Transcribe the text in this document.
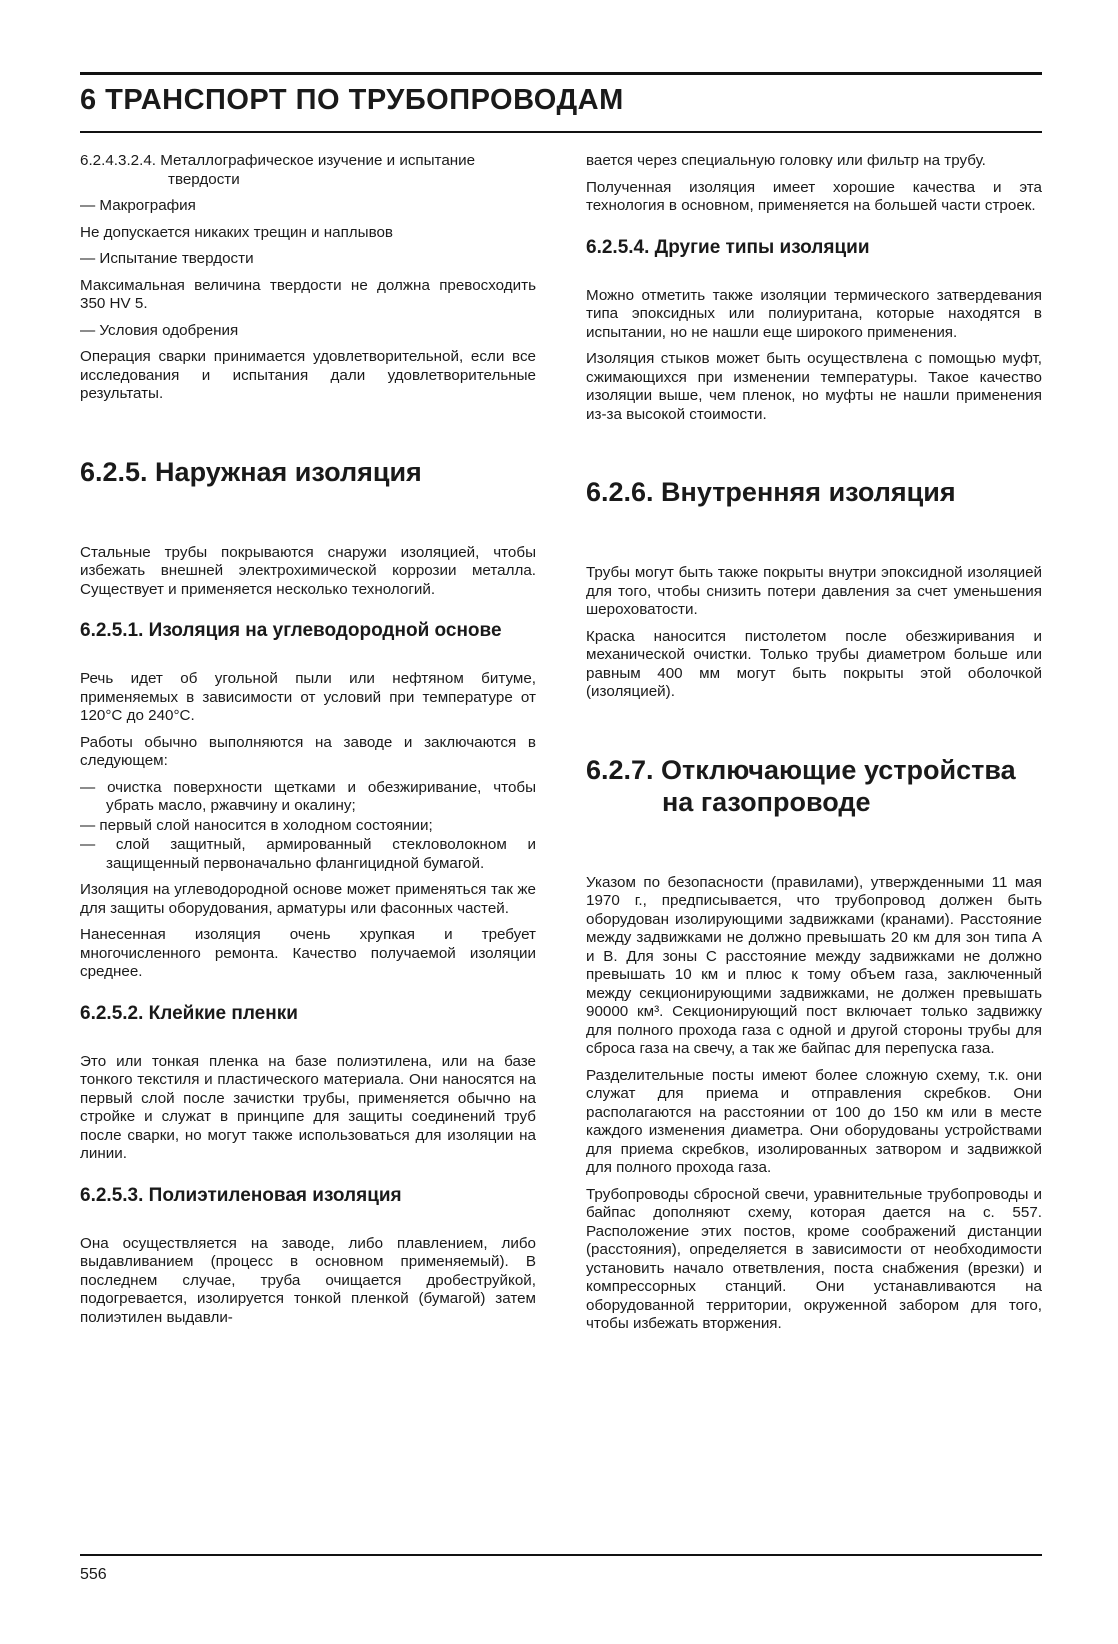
6 ТРАНСПОРТ ПО ТРУБОПРОВОДАМ

6.2.4.3.2.4. Металлографическое изучение и испытание твердости

— Макрография

Не допускается никаких трещин и наплывов

— Испытание твердости

Максимальная величина твердости не должна превосходить 350 HV 5.

— Условия одобрения

Операция сварки принимается удовлетворительной, если все исследования и испытания дали удовлетворительные результаты.

6.2.5. Наружная изоляция

Стальные трубы покрываются снаружи изоляцией, чтобы избежать внешней электрохимической коррозии металла. Существует и применяется несколько технологий.

6.2.5.1. Изоляция на углеводородной основе

Речь идет об угольной пыли или нефтяном битуме, применяемых в зависимости от условий при температуре от 120°С до 240°С.

Работы обычно выполняются на заводе и заключаются в следующем:

— очистка поверхности щетками и обезжиривание, чтобы убрать масло, ржавчину и окалину;
— первый слой наносится в холодном состоянии;
— слой защитный, армированный стекловолокном и защищенный первоначально флангицидной бумагой.

Изоляция на углеводородной основе может применяться так же для защиты оборудования, арматуры или фасонных частей.

Нанесенная изоляция очень хрупкая и требует многочисленного ремонта. Качество получаемой изоляции среднее.

6.2.5.2. Клейкие пленки

Это или тонкая пленка на базе полиэтилена, или на базе тонкого текстиля и пластического материала. Они наносятся на первый слой после зачистки трубы, применяется обычно на стройке и служат в принципе для защиты соединений труб после сварки, но могут также использоваться для изоляции на линии.

6.2.5.3. Полиэтиленовая изоляция

Она осуществляется на заводе, либо плавлением, либо выдавливанием (процесс в основном применяемый). В последнем случае, труба очищается дробеструйкой, подогревается, изолируется тонкой пленкой (бумагой) затем полиэтилен выдавли-

вается через специальную головку или фильтр на трубу.

Полученная изоляция имеет хорошие качества и эта технология в основном, применяется на большей части строек.

6.2.5.4. Другие типы изоляции

Можно отметить также изоляции термического затвердевания типа эпоксидных или полиуритана, которые находятся в испытании, но не нашли еще широкого применения.

Изоляция стыков может быть осуществлена с помощью муфт, сжимающихся при изменении температуры. Такое качество изоляции выше, чем пленок, но муфты не нашли применения из-за высокой стоимости.

6.2.6. Внутренняя изоляция

Трубы могут быть также покрыты внутри эпоксидной изоляцией для того, чтобы снизить потери давления за счет уменьшения шероховатости.

Краска наносится пистолетом после обезжиривания и механической очистки. Только трубы диаметром больше или равным 400 мм могут быть покрыты этой оболочкой (изоляцией).

6.2.7. Отключающие устройства на газопроводе

Указом по безопасности (правилами), утвержденными 11 мая 1970 г., предписывается, что трубопровод должен быть оборудован изолирующими задвижками (кранами). Расстояние между задвижками не должно превышать 20 км для зон типа А и В. Для зоны С расстояние между задвижками не должно превышать 10 км и плюс к тому объем газа, заключенный между секционирующими задвижками, не должен превышать 90000 км³. Секционирующий пост включает только задвижку для полного прохода газа с одной и другой стороны трубы для сброса газа на свечу, а так же байпас для перепуска газа.

Разделительные посты имеют более сложную схему, т.к. они служат для приема и отправления скребков. Они располагаются на расстоянии от 100 до 150 км или в месте каждого изменения диаметра. Они оборудованы устройствами для приема скребков, изолированных затвором и задвижкой для полного прохода газа.

Трубопроводы сбросной свечи, уравнительные трубопроводы и байпас дополняют схему, которая дается на с. 557. Расположение этих постов, кроме соображений дистанции (расстояния), определяется в зависимости от необходимости установить начало ответвления, поста снабжения (врезки) и компрессорных станций. Они устанавливаются на оборудованной территории, окруженной забором для того, чтобы избежать вторжения.

556
